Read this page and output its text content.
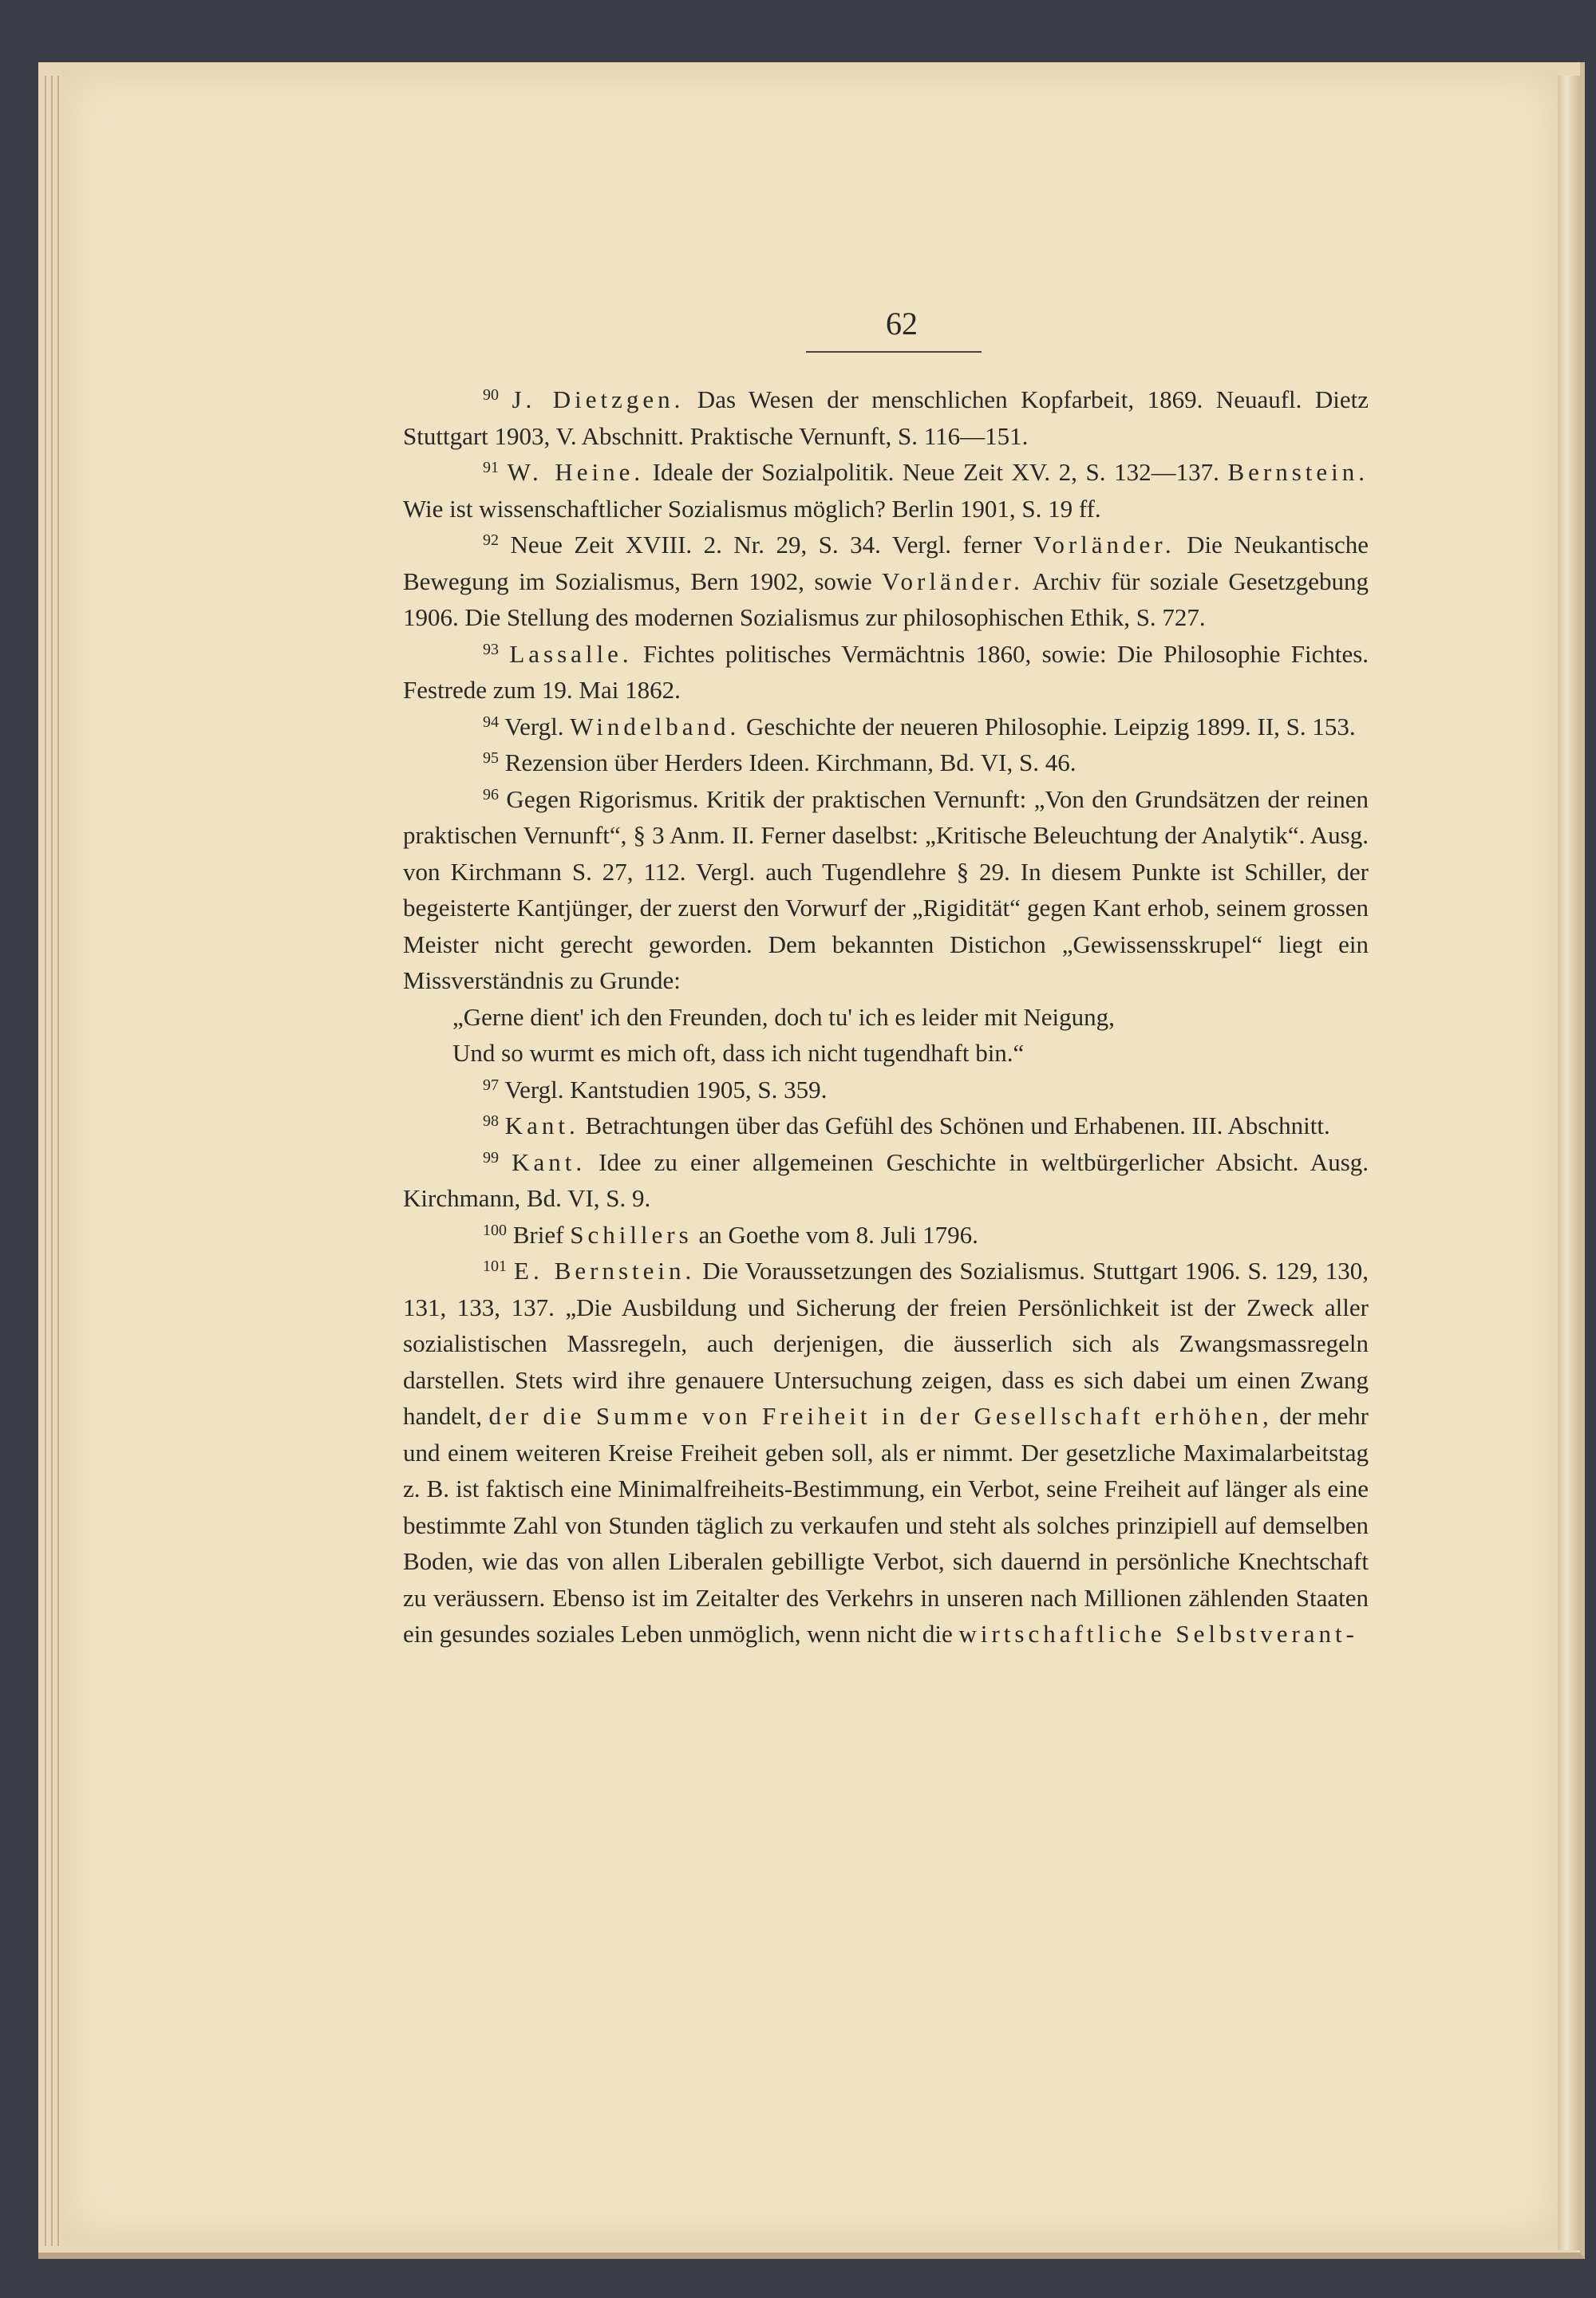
62

$^{90}$ J. Dietzgen. Das Wesen der menschlichen Kopfarbeit, 1869. Neuaufl. Dietz Stuttgart 1903, V. Abschnitt. Praktische Vernunft, S. 116—151.

$^{91}$ W. Heine. Ideale der Sozialpolitik. Neue Zeit XV. 2, S. 132—137. Bernstein. Wie ist wissenschaftlicher Sozialismus möglich? Berlin 1901, S. 19 ff.

$^{92}$ Neue Zeit XVIII. 2. Nr. 29, S. 34. Vergl. ferner Vorländer. Die Neukantische Bewegung im Sozialismus, Bern 1902, sowie Vorländer. Archiv für soziale Gesetzgebung 1906. Die Stellung des modernen Sozialismus zur philosophischen Ethik, S. 727.

$^{93}$ Lassalle. Fichtes politisches Vermächtnis 1860, sowie: Die Philosophie Fichtes. Festrede zum 19. Mai 1862.

$^{94}$ Vergl. Windelband. Geschichte der neueren Philosophie. Leipzig 1899. II, S. 153.

$^{95}$ Rezension über Herders Ideen. Kirchmann, Bd. VI, S. 46.

$^{96}$ Gegen Rigorismus. Kritik der praktischen Vernunft: „Von den Grundsätzen der reinen praktischen Vernunft“, § 3 Anm. II. Ferner daselbst: „Kritische Beleuchtung der Analytik“. Ausg. von Kirchmann S. 27, 112. Vergl. auch Tugendlehre § 29. In diesem Punkte ist Schiller, der begeisterte Kantjünger, der zuerst den Vorwurf der „Rigidität“ gegen Kant erhob, seinem grossen Meister nicht gerecht geworden. Dem bekannten Distichon „Gewissensskrupel“ liegt ein Missverständnis zu Grunde:

„Gerne dient' ich den Freunden, doch tu' ich es leider mit Neigung,
Und so wurmt es mich oft, dass ich nicht tugendhaft bin.“

$^{97}$ Vergl. Kantstudien 1905, S. 359.

$^{98}$ Kant. Betrachtungen über das Gefühl des Schönen und Erhabenen. III. Abschnitt.

$^{99}$ Kant. Idee zu einer allgemeinen Geschichte in weltbürgerlicher Absicht. Ausg. Kirchmann, Bd. VI, S. 9.

$^{100}$ Brief Schillers an Goethe vom 8. Juli 1796.

$^{101}$ E. Bernstein. Die Voraussetzungen des Sozialismus. Stuttgart 1906. S. 129, 130, 131, 133, 137. „Die Ausbildung und Sicherung der freien Persönlichkeit ist der Zweck aller sozialistischen Massregeln, auch derjenigen, die äusserlich sich als Zwangsmassregeln darstellen. Stets wird ihre genauere Untersuchung zeigen, dass es sich dabei um einen Zwang handelt, der die Summe von Freiheit in der Gesellschaft erhöhen, der mehr und einem weiteren Kreise Freiheit geben soll, als er nimmt. Der gesetzliche Maximalarbeitstag z. B. ist faktisch eine Minimalfreiheits-Bestimmung, ein Verbot, seine Freiheit auf länger als eine bestimmte Zahl von Stunden täglich zu verkaufen und steht als solches prinzipiell auf demselben Boden, wie das von allen Liberalen gebilligte Verbot, sich dauernd in persönliche Knechtschaft zu veräussern. Ebenso ist im Zeitalter des Verkehrs in unseren nach Millionen zählenden Staaten ein gesundes soziales Leben unmöglich, wenn nicht die wirtschaftliche Selbstverant-
